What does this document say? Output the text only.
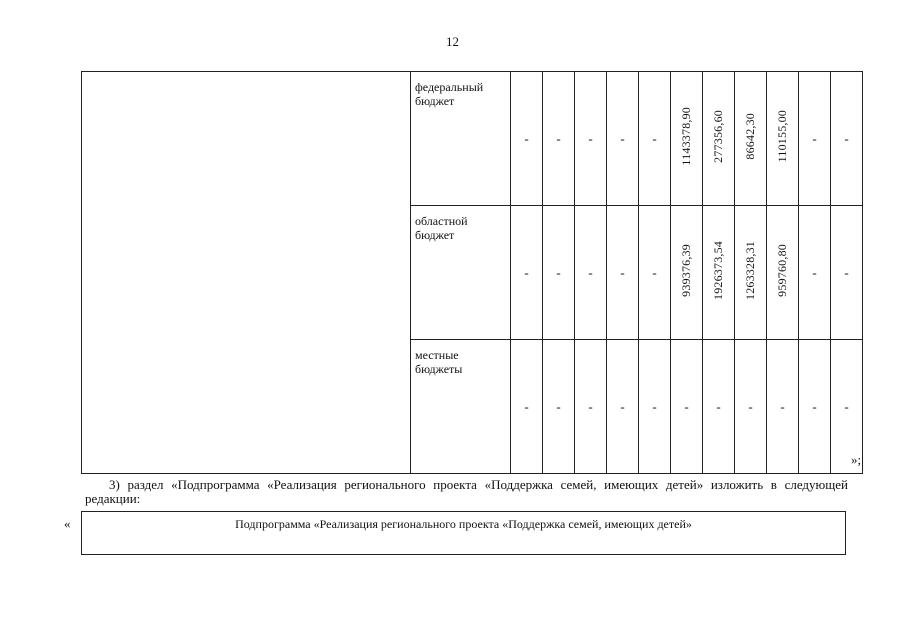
12
	федеральный бюджет	-	-	-	-	-	1143378,90	277356,60	86642,30	110155,00	-	-
	областной бюджет	-	-	-	-	-	939376,39	1926373,54	1263328,31	959760,80	-	-
	местные бюджеты	-	-	-	-	-	-	-	-	-	-	-
»;
3) раздел «Подпрограмма «Реализация регионального проекта «Поддержка семей, имеющих детей» изложить в следующей редакции:
«	Подпрограмма «Реализация регионального проекта «Поддержка семей, имеющих детей»
